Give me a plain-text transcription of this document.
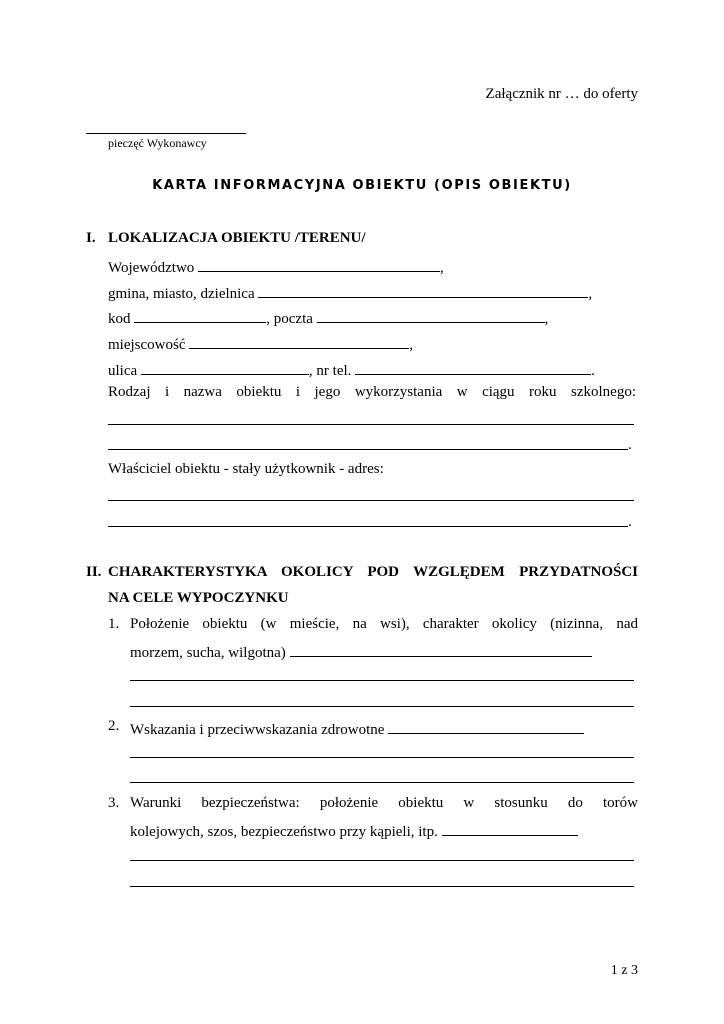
Załącznik nr … do oferty
pieczęć Wykonawcy
KARTA INFORMACYJNA OBIEKTU (OPIS OBIEKTU)
I. LOKALIZACJA OBIEKTU /TERENU/
Województwo	,
gmina, miasto, dzielnica	,
kod	, poczta	,
miejscowość	,
ulica	, nr tel.	.
Rodzaj i nazwa obiektu i jego wykorzystania w ciągu roku szkolnego:
.
Właściciel obiektu - stały użytkownik - adres:
.
II. CHARAKTERYSTYKA OKOLICY POD WZGLĘDEM PRZYDATNOŚCI
NA CELE WYPOCZYNKU
1. Położenie obiektu (w mieście, na wsi), charakter okolicy (nizinna, nad
morzem, sucha, wilgotna)
2. Wskazania i przeciwwskazania zdrowotne
3. Warunki bezpieczeństwa: położenie obiektu w stosunku do torów
kolejowych, szos, bezpieczeństwo przy kąpieli, itp.
1 z 3
